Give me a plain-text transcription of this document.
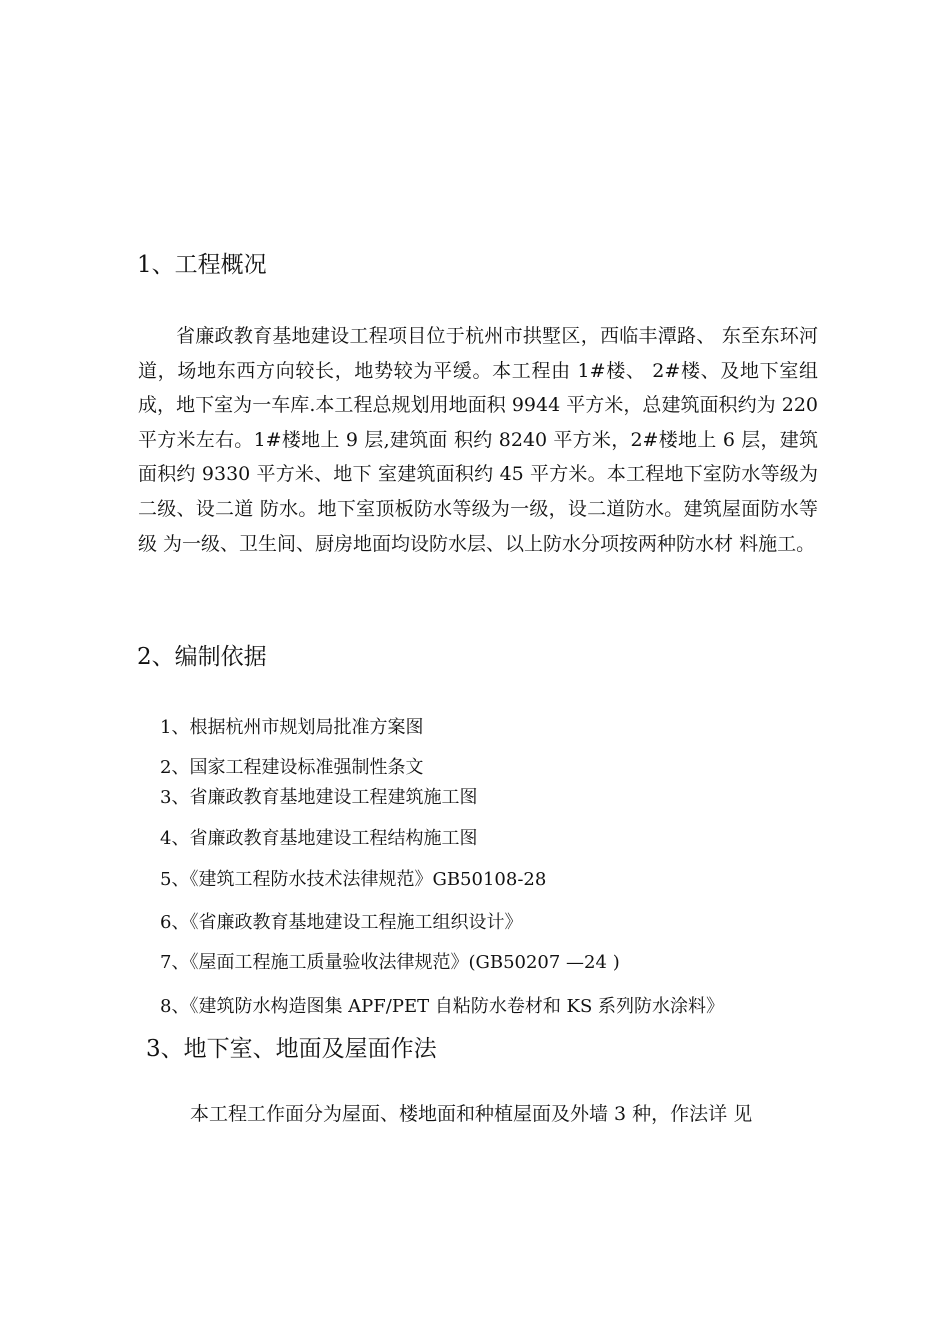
1、工程概况
省廉政教育基地建设工程项目位于杭州市拱墅区，西临丰潭路、 东至东环河道，场地东西方向较长，地势较为平缓。本工程由 1#楼、 2#楼、及地下室组成，地下室为一车库.本工程总规划用地面积 9944 平方米，总建筑面积约为 220 平方米左右。1#楼地上 9 层,建筑面 积约 8240 平方米，2#楼地上 6 层，建筑面积约 9330 平方米、地下 室建筑面积约 45 平方米。本工程地下室防水等级为二级、设二道 防水。地下室顶板防水等级为一级，设二道防水。建筑屋面防水等级 为一级、卫生间、厨房地面均设防水层、以上防水分项按两种防水材 料施工。
2、编制依据
1、根据杭州市规划局批准方案图
2、国家工程建设标准强制性条文
3、省廉政教育基地建设工程建筑施工图
4、省廉政教育基地建设工程结构施工图
5、《建筑工程防水技术法律规范》GB50108-28
6、《省廉政教育基地建设工程施工组织设计》
7、《屋面工程施工质量验收法律规范》(GB50207 —24 )
8、《建筑防水构造图集 APF/PET 自粘防水卷材和 KS 系列防水涂料》
3、地下室、地面及屋面作法
本工程工作面分为屋面、楼地面和种植屋面及外墙 3 种，作法详 见
